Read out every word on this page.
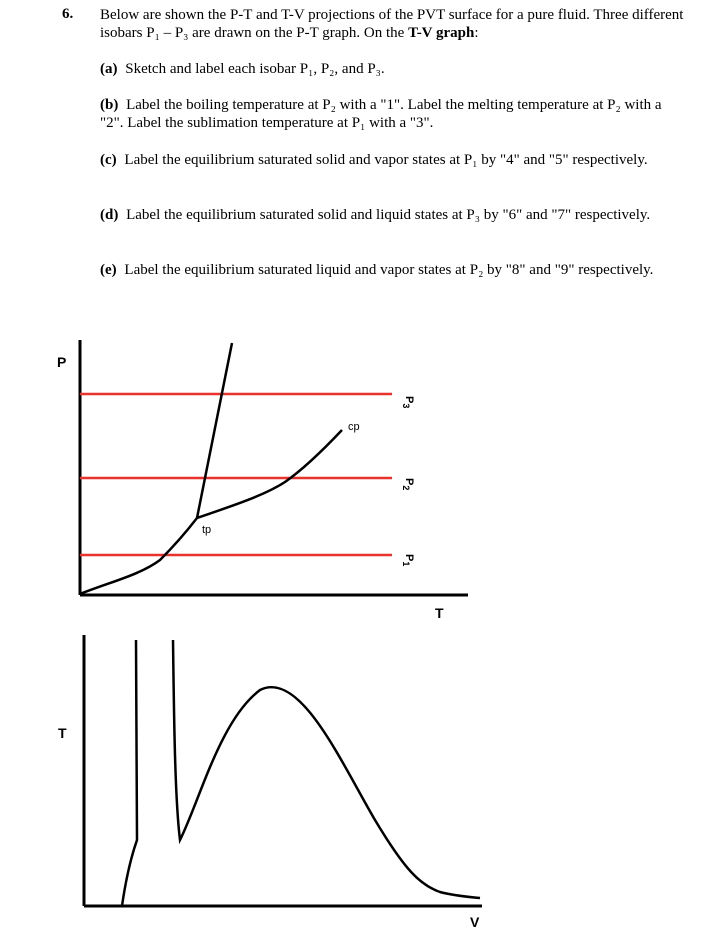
6. Below are shown the P-T and T-V projections of the PVT surface for a pure fluid. Three different isobars P₁ – P₃ are drawn on the P-T graph. On the T-V graph:
(a) Sketch and label each isobar P₁, P₂, and P₃.
(b) Label the boiling temperature at P₂ with a "1". Label the melting temperature at P₂ with a "2". Label the sublimation temperature at P₁ with a "3".
(c) Label the equilibrium saturated solid and vapor states at P₁ by "4" and "5" respectively.
(d) Label the equilibrium saturated solid and liquid states at P₃ by "6" and "7" respectively.
(e) Label the equilibrium saturated liquid and vapor states at P₂ by "8" and "9" respectively.
P
T
tp
cp
$P_3$
$P_2$
$P_1$
T
V
